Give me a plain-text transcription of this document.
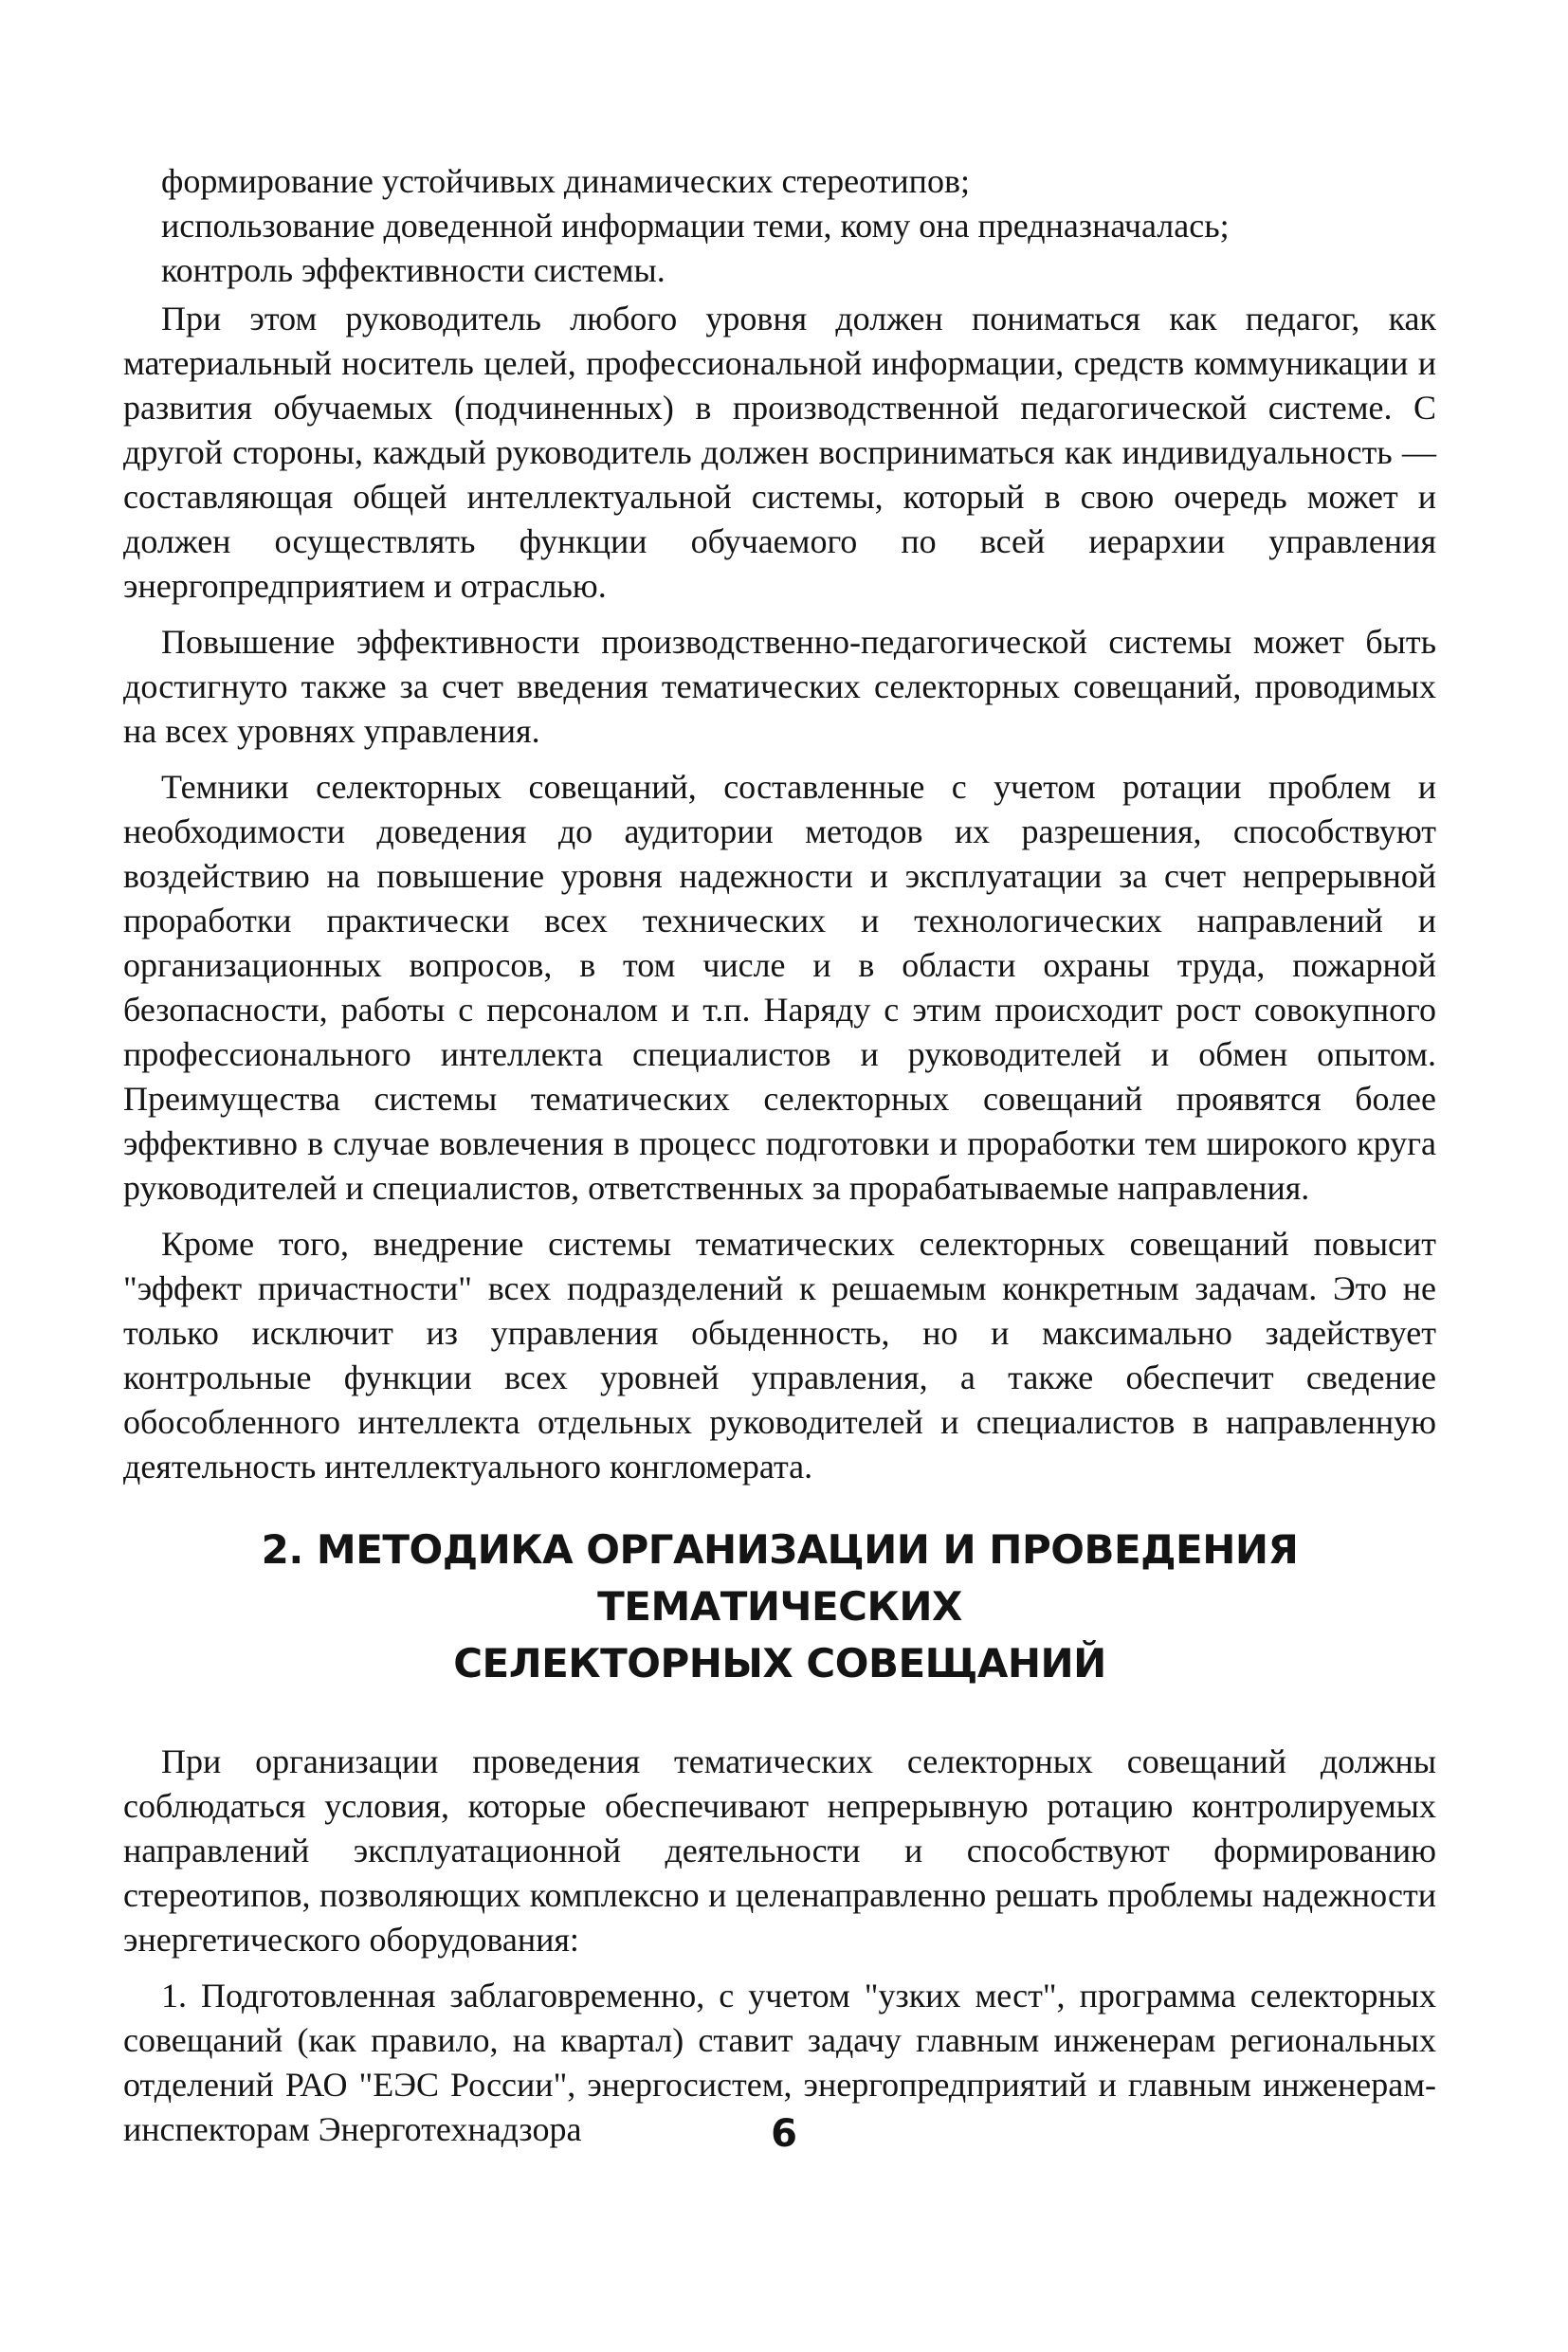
формирование устойчивых динамических стереотипов;

использование доведенной информации теми, кому она предназначалась;

контроль эффективности системы.

При этом руководитель любого уровня должен пониматься как педагог, как материальный носитель целей, профессиональной информации, средств коммуникации и развития обучаемых (подчиненных) в производственной педагогической системе. С другой стороны, каждый руководитель должен восприниматься как индивидуальность — составляющая общей интеллектуальной системы, который в свою очередь может и должен осуществлять функции обучаемого по всей иерархии управления энергопредприятием и отраслью.

Повышение эффективности производственно-педагогической системы может быть достигнуто также за счет введения тематических селекторных совещаний, проводимых на всех уровнях управления.

Темники селекторных совещаний, составленные с учетом ротации проблем и необходимости доведения до аудитории методов их разрешения, способствуют воздействию на повышение уровня надежности и эксплуатации за счет непрерывной проработки практически всех технических и технологических направлений и организационных вопросов, в том числе и в области охраны труда, пожарной безопасности, работы с персоналом и т.п. Наряду с этим происходит рост совокупного профессионального интеллекта специалистов и руководителей и обмен опытом. Преимущества системы тематических селекторных совещаний проявятся более эффективно в случае вовлечения в процесс подготовки и проработки тем широкого круга руководителей и специалистов, ответственных за прорабатываемые направления.

Кроме того, внедрение системы тематических селекторных совещаний повысит "эффект причастности" всех подразделений к решаемым конкретным задачам. Это не только исключит из управления обыденность, но и максимально задействует контрольные функции всех уровней управления, а также обеспечит сведение обособленного интеллекта отдельных руководителей и специалистов в направленную деятельность интеллектуального конгломерата.

2. МЕТОДИКА ОРГАНИЗАЦИИ И ПРОВЕДЕНИЯ ТЕМАТИЧЕСКИХ
СЕЛЕКТОРНЫХ СОВЕЩАНИЙ

При организации проведения тематических селекторных совещаний должны соблюдаться условия, которые обеспечивают непрерывную ротацию контролируемых направлений эксплуатационной деятельности и способствуют формированию стереотипов, позволяющих комплексно и целенаправленно решать проблемы надежности энергетического оборудования:

1. Подготовленная заблаговременно, с учетом "узких мест", программа селекторных совещаний (как правило, на квартал) ставит задачу главным инженерам региональных отделений РАО "ЕЭС России", энергосистем, энергопредприятий и главным инженерам-инспекторам Энерготехнадзора	6
